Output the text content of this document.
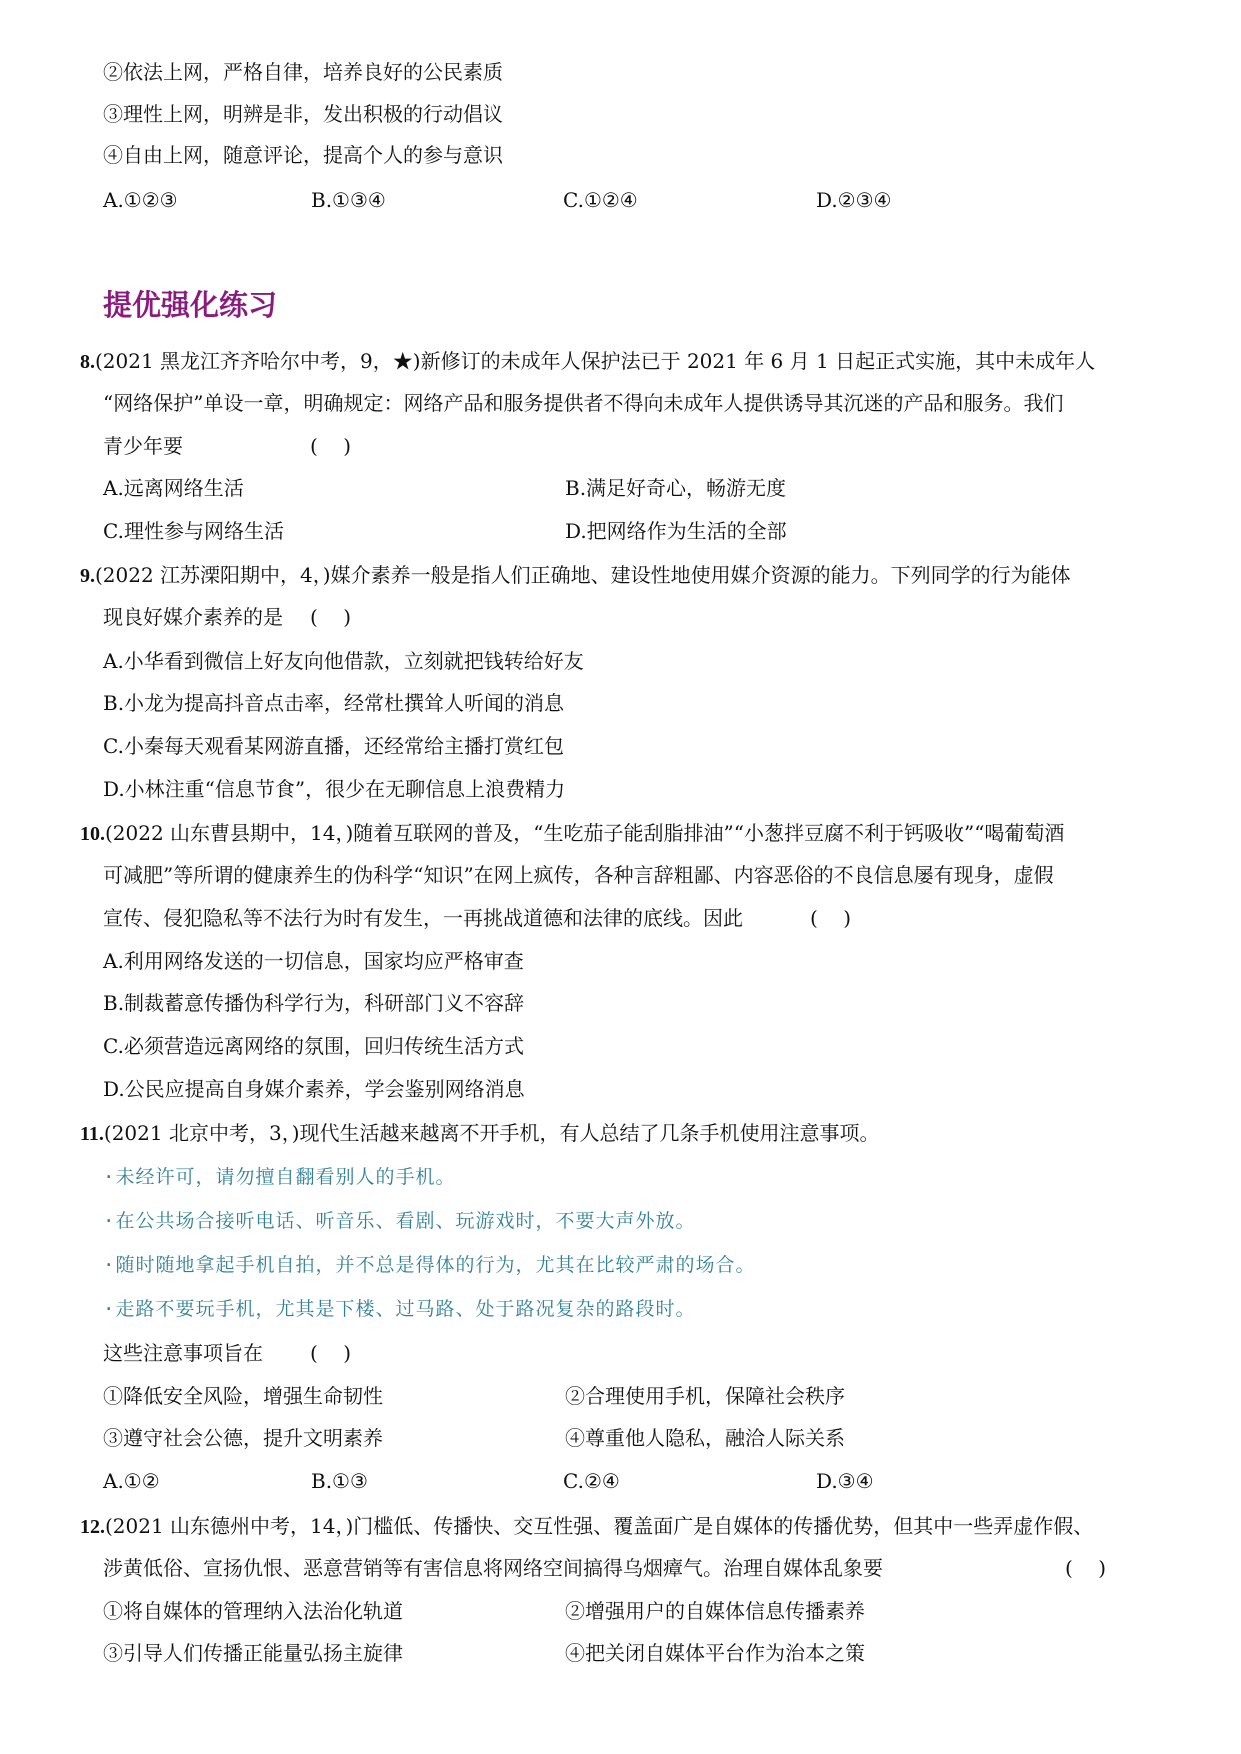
②依法上网，严格自律，培养良好的公民素质
③理性上网，明辨是非，发出积极的行动倡议
④自由上网，随意评论，提高个人的参与意识
A.①②③	B.①③④	C.①②④	D.②③④
提优强化练习
8.(2021 黑龙江齐齐哈尔中考，9，★)新修订的未成年人保护法已于 2021 年 6 月 1 日起正式实施，其中未成年人
“网络保护”单设一章，明确规定：网络产品和服务提供者不得向未成年人提供诱导其沉迷的产品和服务。我们
青少年要	(    )
A.远离网络生活	B.满足好奇心，畅游无度
C.理性参与网络生活	D.把网络作为生活的全部
9.(2022 江苏溧阳期中，4，)媒介素养一般是指人们正确地、建设性地使用媒介资源的能力。下列同学的行为能体
现良好媒介素养的是 (    )
A.小华看到微信上好友向他借款，立刻就把钱转给好友
B.小龙为提高抖音点击率，经常杜撰耸人听闻的消息
C.小秦每天观看某网游直播，还经常给主播打赏红包
D.小林注重“信息节食”，很少在无聊信息上浪费精力
10.(2022 山东曹县期中，14，)随着互联网的普及，“生吃茄子能刮脂排油”“小葱拌豆腐不利于钙吸收”“喝葡萄酒
可减肥”等所谓的健康养生的伪科学“知识”在网上疯传，各种言辞粗鄙、内容恶俗的不良信息屡有现身，虚假
宣传、侵犯隐私等不法行为时有发生，一再挑战道德和法律的底线。因此	(    )
A.利用网络发送的一切信息，国家均应严格审查
B.制裁蓄意传播伪科学行为，科研部门义不容辞
C.必须营造远离网络的氛围，回归传统生活方式
D.公民应提高自身媒介素养，学会鉴别网络消息
11.(2021 北京中考，3，)现代生活越来越离不开手机，有人总结了几条手机使用注意事项。
·未经许可，请勿擅自翻看别人的手机。
·在公共场合接听电话、听音乐、看剧、玩游戏时，不要大声外放。
·随时随地拿起手机自拍，并不总是得体的行为，尤其在比较严肃的场合。
·走路不要玩手机，尤其是下楼、过马路、处于路况复杂的路段时。
这些注意事项旨在 (    )
①降低安全风险，增强生命韧性	②合理使用手机，保障社会秩序
③遵守社会公德，提升文明素养	④尊重他人隐私，融洽人际关系
A.①②	B.①③	C.②④	D.③④
12.(2021 山东德州中考，14，)门槛低、传播快、交互性强、覆盖面广是自媒体的传播优势，但其中一些弄虚作假、
涉黄低俗、宣扬仇恨、恶意营销等有害信息将网络空间搞得乌烟瘴气。治理自媒体乱象要	(    )
①将自媒体的管理纳入法治化轨道	②增强用户的自媒体信息传播素养
③引导人们传播正能量弘扬主旋律	④把关闭自媒体平台作为治本之策
